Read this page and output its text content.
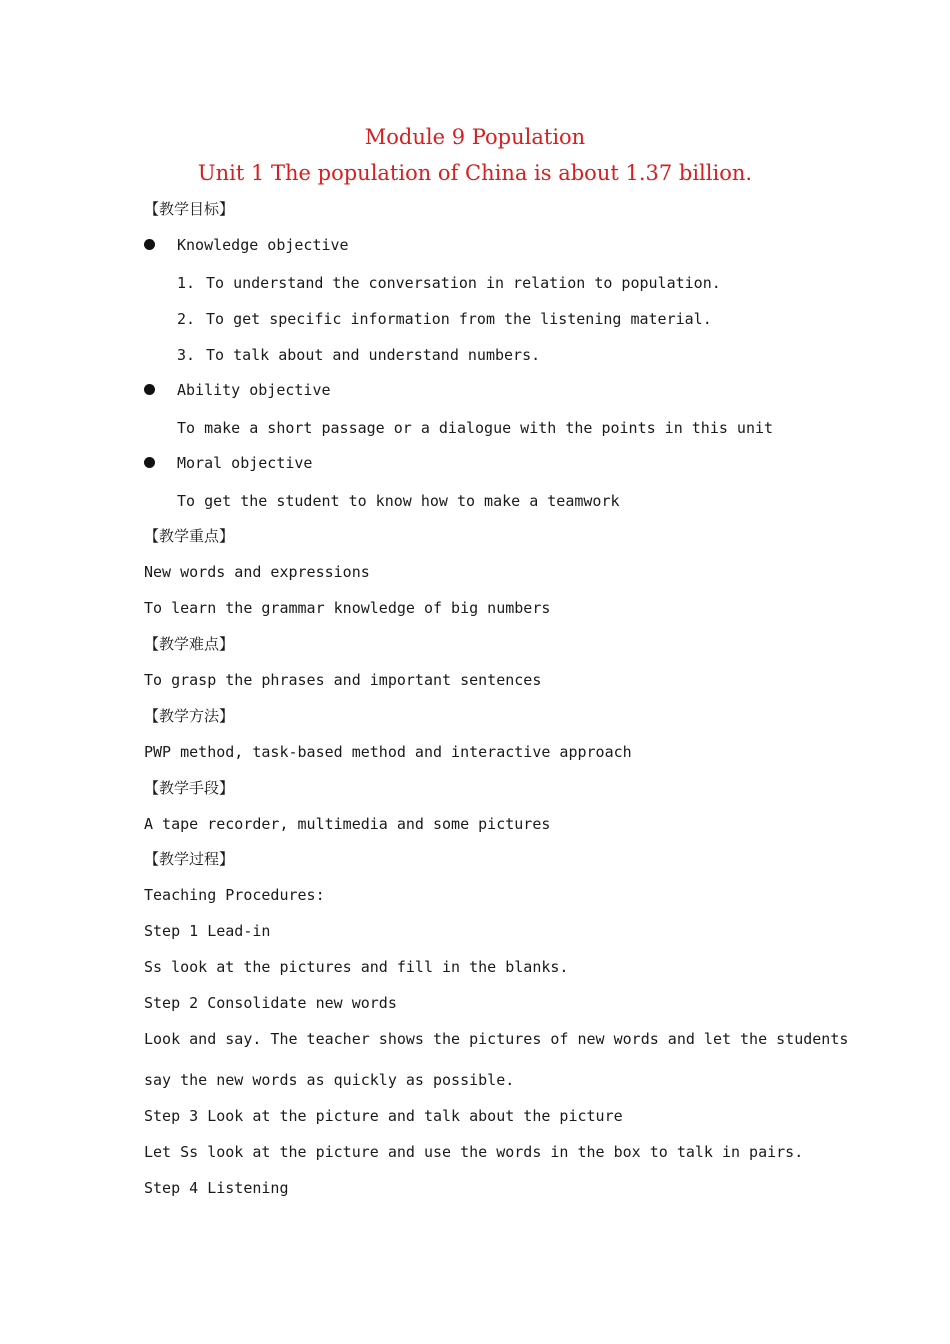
Module 9 Population
Unit 1 The population of China is about 1.37 billion.
【教学目标】
Knowledge objective
1. To understand the conversation in relation to population.
2. To get specific information from the listening material.
3. To talk about and understand numbers.
Ability objective
To make a short passage or a dialogue with the points in this unit
Moral objective
To get the student to know how to make a teamwork
【教学重点】
New words and expressions
To learn the grammar knowledge of big numbers
【教学难点】
To grasp the phrases and important sentences
【教学方法】
PWP method, task-based method and interactive approach
【教学手段】
A tape recorder, multimedia and some pictures
【教学过程】
Teaching Procedures:
Step 1 Lead-in
Ss look at the pictures and fill in the blanks.
Step 2 Consolidate new words
Look and say. The teacher shows the pictures of new words and let the students
say the new words as quickly as possible.
Step 3 Look at the picture and talk about the picture
Let Ss look at the picture and use the words in the box to talk in pairs.
Step 4 Listening
